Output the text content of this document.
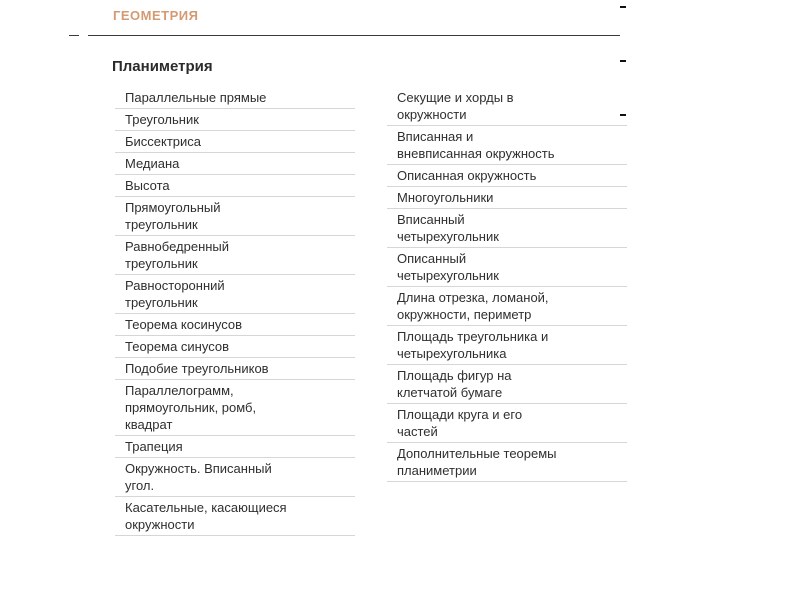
ГЕОМЕТРИЯ
Планиметрия
Параллельные прямые
Треугольник
Биссектриса
Медиана
Высота
Прямоугольный
треугольник
Равнобедренный
треугольник
Равносторонний
треугольник
Теорема косинусов
Теорема синусов
Подобие треугольников
Параллелограмм,
прямоугольник, ромб,
квадрат
Трапеция
Окружность. Вписанный
угол.
Касательные, касающиеся
окружности
Секущие и хорды в
окружности
Вписанная и
вневписанная окружность
Описанная окружность
Многоугольники
Вписанный
четырехугольник
Описанный
четырехугольник
Длина отрезка, ломаной,
окружности, периметр
Площадь треугольника и
четырехугольника
Площадь фигур на
клетчатой бумаге
Площади круга и его
частей
Дополнительные теоремы
планиметрии
